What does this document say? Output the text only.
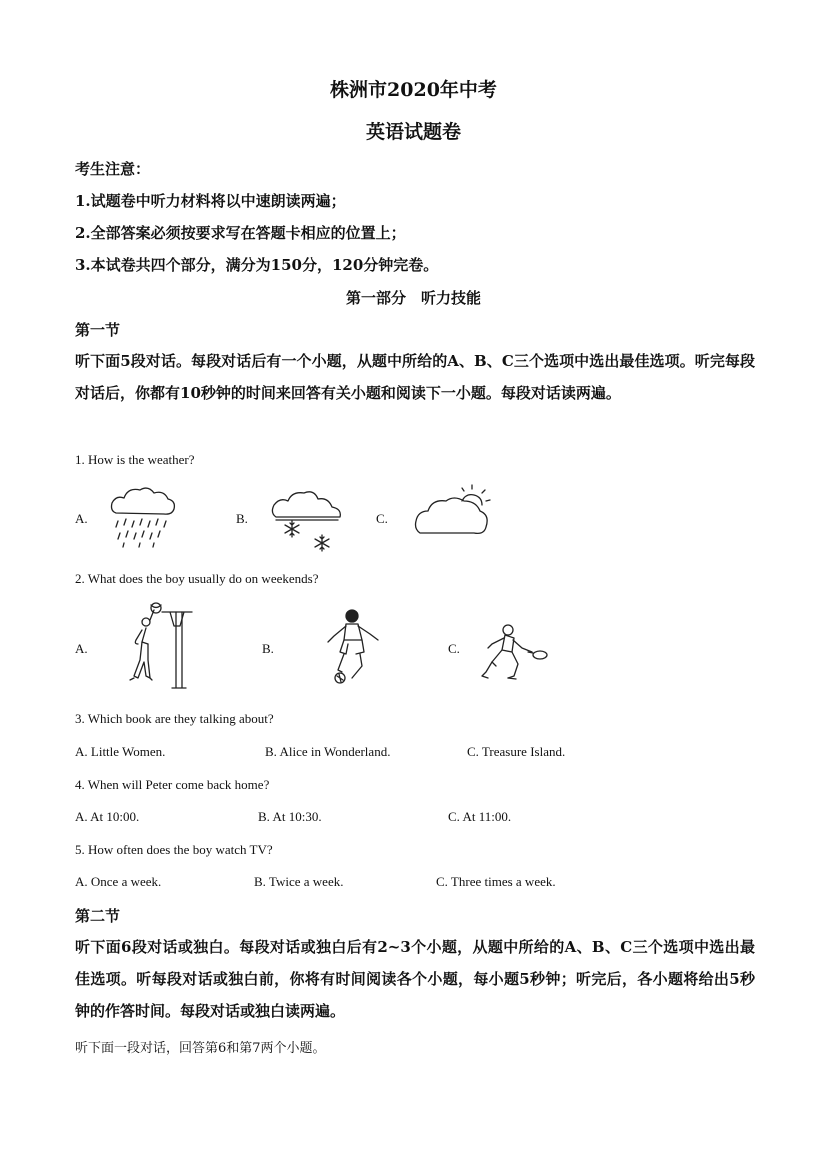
株洲市2020年中考
英语试题卷
考生注意：
1.试题卷中听力材料将以中速朗读两遍；
2.全部答案必须按要求写在答题卡相应的位置上；
3.本试卷共四个部分，满分为150分，120分钟完卷。
第一部分　听力技能
第一节
听下面5段对话。每段对话后有一个小题，从题中所给的A、B、C三个选项中选出最佳选项。听完每段对话后，你都有10秒钟的时间来回答有关小题和阅读下一小题。每段对话读两遍。
1. How is the weather?
A.	B.	C.
2. What does the boy usually do on weekends?
A.	B.	C.
3. Which book are they talking about?
A. Little Women.	B. Alice in Wonderland.	C. Treasure Island.
4. When will Peter come back home?
A. At 10:00.	B. At 10:30.	C. At 11:00.
5. How often does the boy watch TV?
A. Once a week.	B. Twice a week.	C. Three times a week.
第二节
听下面6段对话或独白。每段对话或独白后有2~3个小题，从题中所给的A、B、C三个选项中选出最佳选项。听每段对话或独白前，你将有时间阅读各个小题，每小题5秒钟；听完后，各小题将给出5秒钟的作答时间。每段对话或独白读两遍。
听下面一段对话，回答第6和第7两个小题。
